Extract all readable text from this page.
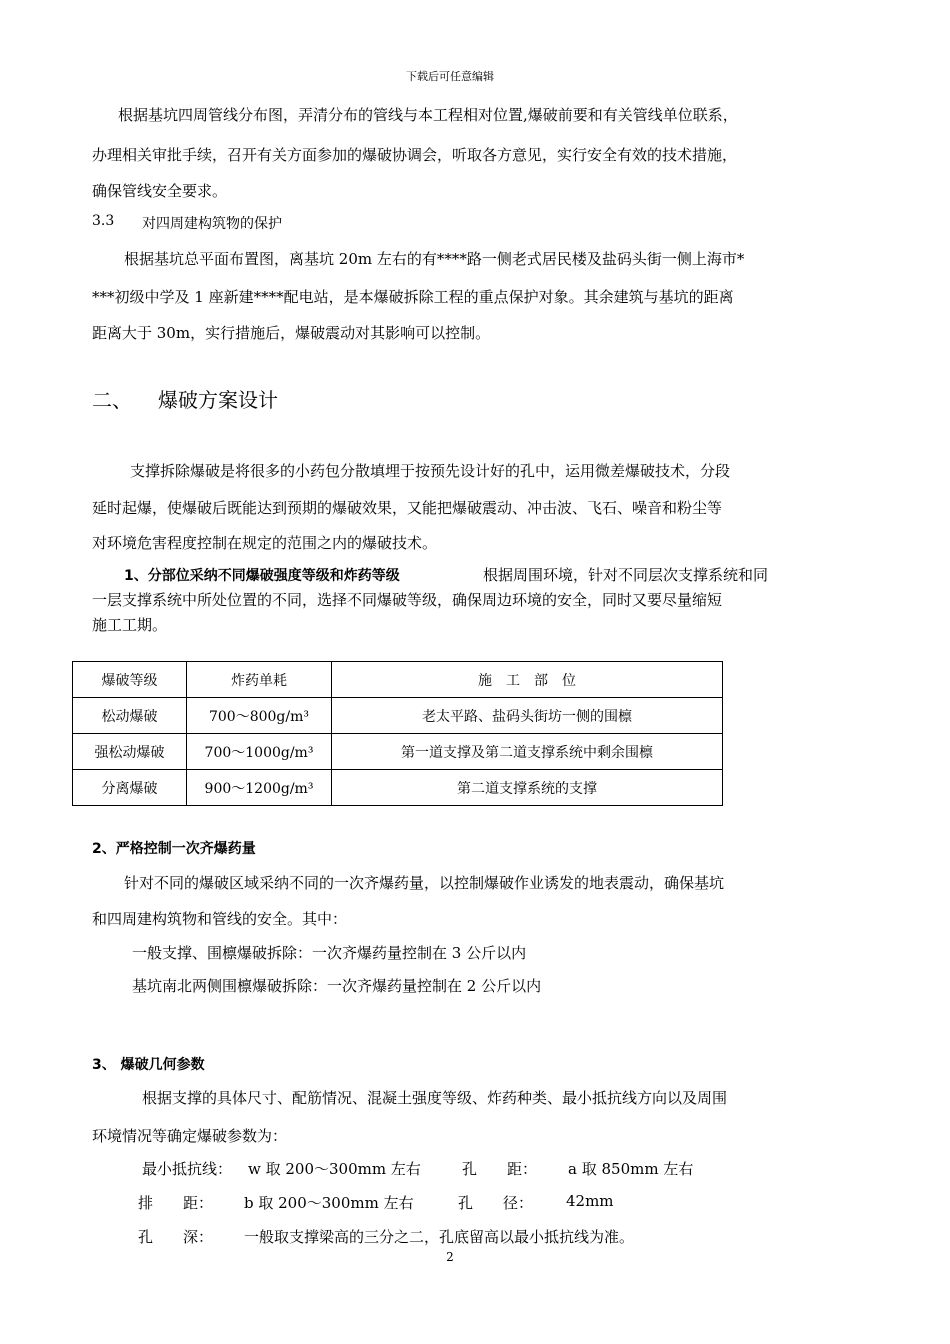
下载后可任意编辑
根据基坑四周管线分布图，弄清分布的管线与本工程相对位置,爆破前要和有关管线单位联系，
办理相关审批手续，召开有关方面参加的爆破协调会，听取各方意见，实行安全有效的技术措施，
确保管线安全要求。
3.3 对四周建构筑物的保护
根据基坑总平面布置图，离基坑 20m 左右的有****路一侧老式居民楼及盐码头街一侧上海市*
***初级中学及 1 座新建****配电站，是本爆破拆除工程的重点保护对象。其余建筑与基坑的距离
距离大于 30m，实行措施后，爆破震动对其影响可以控制。
二、 爆破方案设计
支撑拆除爆破是将很多的小药包分散填埋于按预先设计好的孔中，运用微差爆破技术，分段
延时起爆，使爆破后既能达到预期的爆破效果，又能把爆破震动、冲击波、飞石、噪音和粉尘等
对环境危害程度控制在规定的范围之内的爆破技术。
1、分部位采纳不同爆破强度等级和炸药等级	根据周围环境，针对不同层次支撑系统和同
一层支撑系统中所处位置的不同，选择不同爆破等级，确保周边环境的安全，同时又要尽量缩短
施工工期。
爆破等级	炸药单耗	施　工　部　位
松动爆破	700～800g/m³	老太平路、盐码头街坊一侧的围檩
强松动爆破	700～1000g/m³	第一道支撑及第二道支撑系统中剩余围檩
分离爆破	900～1200g/m³	第二道支撑系统的支撑
2、严格控制一次齐爆药量
针对不同的爆破区域采纳不同的一次齐爆药量，以控制爆破作业诱发的地表震动，确保基坑
和四周建构筑物和管线的安全。其中：
一般支撑、围檩爆破拆除：一次齐爆药量控制在 3 公斤以内
基坑南北两侧围檩爆破拆除：一次齐爆药量控制在 2 公斤以内
3、 爆破几何参数
根据支撑的具体尺寸、配筋情况、混凝土强度等级、炸药种类、最小抵抗线方向以及周围
环境情况等确定爆破参数为：
最小抵抗线： w 取 200～300mm 左右	孔　　距： a 取 850mm 左右
排　　距： b 取 200～300mm 左右	孔　　径： 42mm
孔　　深： 一般取支撑梁高的三分之二，孔底留高以最小抵抗线为准。
2
